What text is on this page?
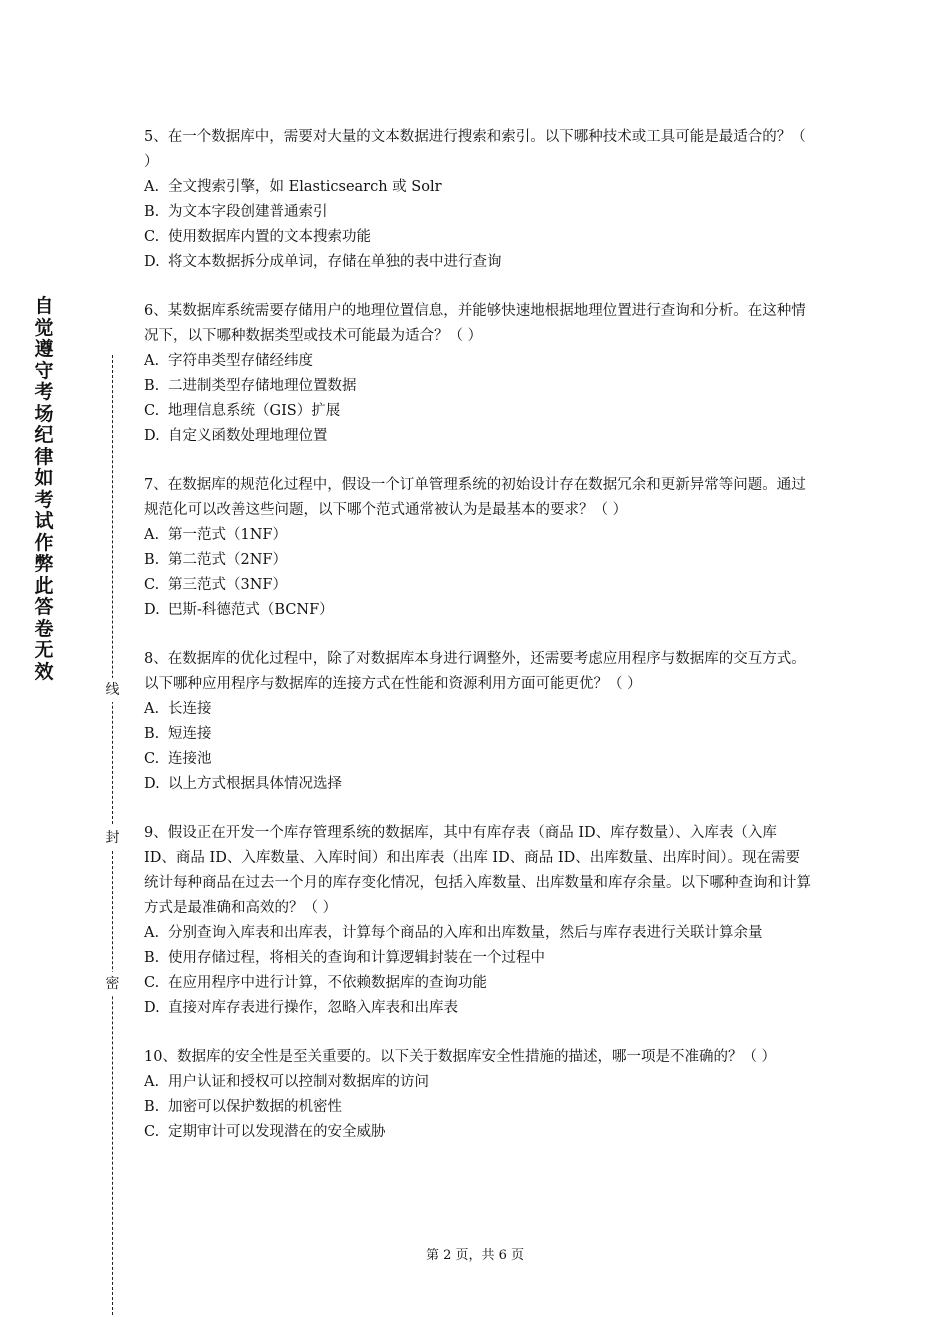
自觉遵守考场纪律如考试作弊此答卷无效
线
封
密
5、在一个数据库中，需要对大量的文本数据进行搜索和索引。以下哪种技术或工具可能是最适合的？（ ）
A. 全文搜索引擎，如 Elasticsearch 或 Solr
B. 为文本字段创建普通索引
C. 使用数据库内置的文本搜索功能
D. 将文本数据拆分成单词，存储在单独的表中进行查询
6、某数据库系统需要存储用户的地理位置信息，并能够快速地根据地理位置进行查询和分析。在这种情况下，以下哪种数据类型或技术可能最为适合？（ ）
A. 字符串类型存储经纬度
B. 二进制类型存储地理位置数据
C. 地理信息系统（GIS）扩展
D. 自定义函数处理地理位置
7、在数据库的规范化过程中，假设一个订单管理系统的初始设计存在数据冗余和更新异常等问题。通过规范化可以改善这些问题，以下哪个范式通常被认为是最基本的要求？（ ）
A. 第一范式（1NF）
B. 第二范式（2NF）
C. 第三范式（3NF）
D. 巴斯-科德范式（BCNF）
8、在数据库的优化过程中，除了对数据库本身进行调整外，还需要考虑应用程序与数据库的交互方式。以下哪种应用程序与数据库的连接方式在性能和资源利用方面可能更优？（ ）
A. 长连接
B. 短连接
C. 连接池
D. 以上方式根据具体情况选择
9、假设正在开发一个库存管理系统的数据库，其中有库存表（商品 ID、库存数量）、入库表（入库 ID、商品 ID、入库数量、入库时间）和出库表（出库 ID、商品 ID、出库数量、出库时间）。现在需要统计每种商品在过去一个月的库存变化情况，包括入库数量、出库数量和库存余量。以下哪种查询和计算方式是最准确和高效的？（ ）
A. 分别查询入库表和出库表，计算每个商品的入库和出库数量，然后与库存表进行关联计算余量
B. 使用存储过程，将相关的查询和计算逻辑封装在一个过程中
C. 在应用程序中进行计算，不依赖数据库的查询功能
D. 直接对库存表进行操作，忽略入库表和出库表
10、数据库的安全性是至关重要的。以下关于数据库安全性措施的描述，哪一项是不准确的？（ ）
A. 用户认证和授权可以控制对数据库的访问
B. 加密可以保护数据的机密性
C. 定期审计可以发现潜在的安全威胁
第 2 页，共 6 页
